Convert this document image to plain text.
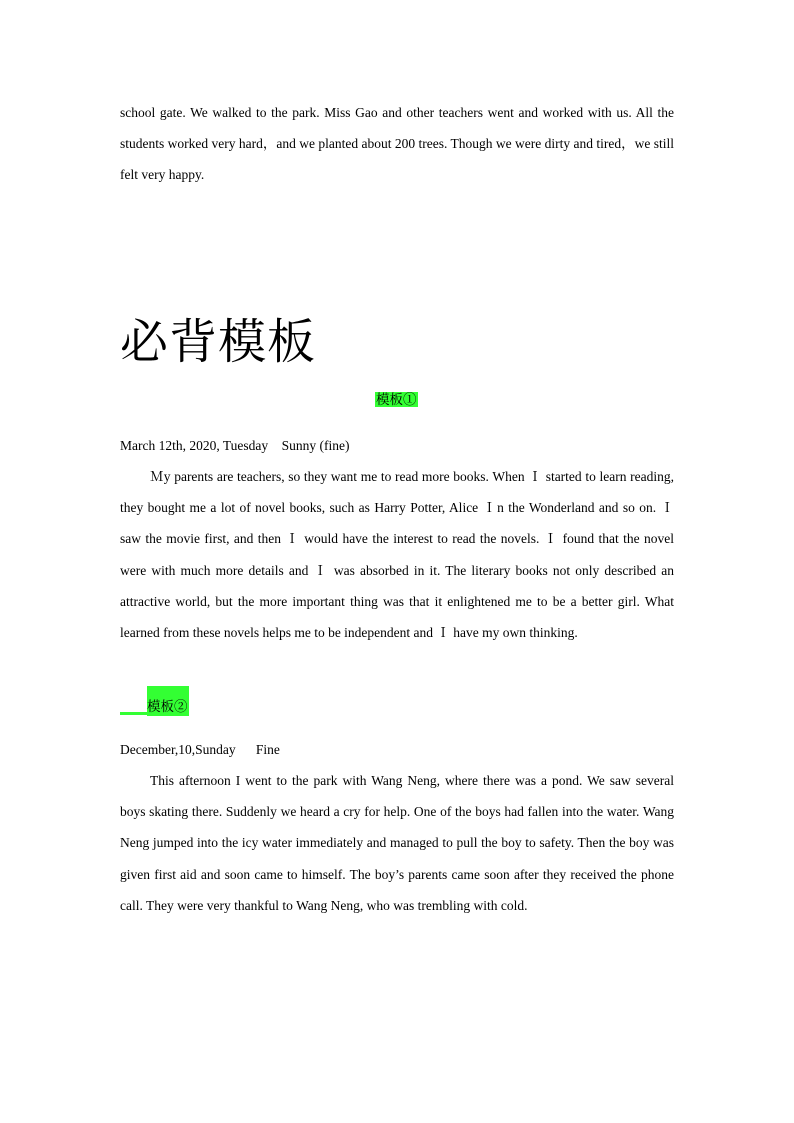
school gate. We walked to the park. Miss Gao and other teachers went and worked with us. All the students worked very hard，and we planted about 200 trees. Though we were dirty and tired，we still felt very happy.

必背模板

模板①

March 12th, 2020, Tuesday    Sunny (fine)

Ｍy parents are teachers, so they want me to read more books. When Ｉ started to learn reading, they bought me a lot of novel books, such as Harry Potter, Alice Ｉn the Wonderland and so on. Ｉ saw the movie first, and then Ｉ would have the interest to read the novels. Ｉ found that the novel were with much more details and Ｉ was absorbed in it. The literary books not only described an attractive world, but the more important thing was that it enlightened me to be a better girl. What learned from these novels helps me to be independent and Ｉ have my own thinking.

模板②

December,10,Sunday      Fine

This afternoon I went to the park with Wang Neng, where there was a pond. We saw several boys skating there. Suddenly we heard a cry for help. One of the boys had fallen into the water. Wang Neng jumped into the icy water immediately and managed to pull the boy to safety. Then the boy was given first aid and soon came to himself. The boy’s parents came soon after they received the phone call. They were very thankful to Wang Neng, who was trembling with cold.
